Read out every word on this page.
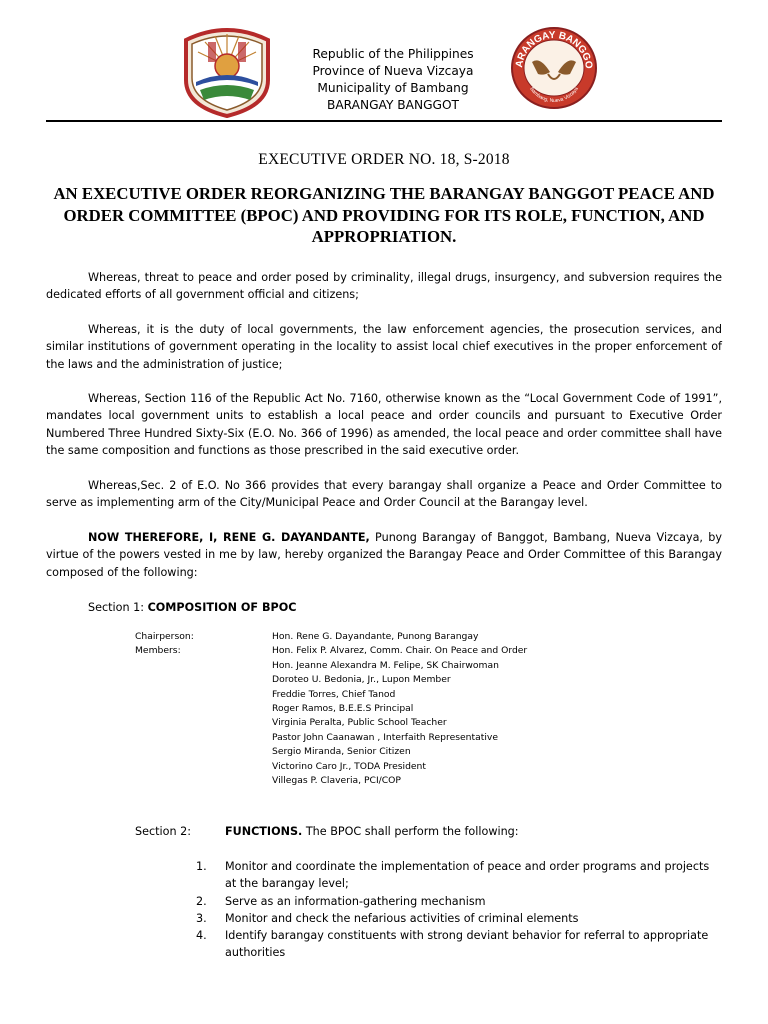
Republic of the Philippines
Province of Nueva Vizcaya
Municipality of Bambang
BARANGAY BANGGOT
ARANGAY BANGGO
Bambang, Nueva Vizcaya
EXECUTIVE ORDER NO. 18, S-2018
AN EXECUTIVE ORDER REORGANIZING THE BARANGAY BANGGOT PEACE AND ORDER COMMITTEE (BPOC) AND PROVIDING FOR ITS ROLE, FUNCTION, AND APPROPRIATION.
Whereas, threat to peace and order posed by criminality, illegal drugs, insurgency, and subversion requires the dedicated efforts of all government official and citizens;
Whereas, it is the duty of local governments, the law enforcement agencies, the prosecution services, and similar institutions of government operating in the locality to assist local chief executives in the proper enforcement of the laws and the administration of justice;
Whereas, Section 116 of the Republic Act No. 7160, otherwise known as the “Local Government Code of 1991”, mandates local government units to establish a local peace and order councils and pursuant to Executive Order Numbered Three Hundred Sixty-Six (E.O. No. 366 of 1996) as amended, the local peace and order committee shall have the same composition and functions as those prescribed in the said executive order.
Whereas,Sec. 2 of E.O. No 366 provides that every barangay shall organize a Peace and Order Committee to serve as implementing arm of the City/Municipal Peace and Order Council at the Barangay level.
NOW THEREFORE, I, RENE G. DAYANDANTE, Punong Barangay of Banggot, Bambang, Nueva Vizcaya, by virtue of the powers vested in me by law, hereby organized the Barangay Peace and Order Committee of this Barangay composed of the following:
Section 1: COMPOSITION OF BPOC
Chairperson:	Hon. Rene G. Dayandante, Punong Barangay
Members:	Hon. Felix P. Alvarez, Comm. Chair. On Peace and Order
Hon. Jeanne Alexandra M. Felipe, SK Chairwoman
Doroteo U. Bedonia, Jr., Lupon Member
Freddie Torres, Chief Tanod
Roger Ramos, B.E.E.S Principal
Virginia Peralta, Public School Teacher
Pastor John Caanawan , Interfaith Representative
Sergio Miranda, Senior Citizen
Victorino Caro Jr., TODA President
Villegas P. Claveria, PCI/COP
Section 2:	FUNCTIONS. The BPOC shall perform the following:
1.	Monitor and coordinate the implementation of peace and order programs and projects at the barangay level;
2.	Serve as an information-gathering mechanism
3.	Monitor and check the nefarious activities of criminal elements
4.	Identify barangay constituents with strong deviant behavior for referral to appropriate authorities
